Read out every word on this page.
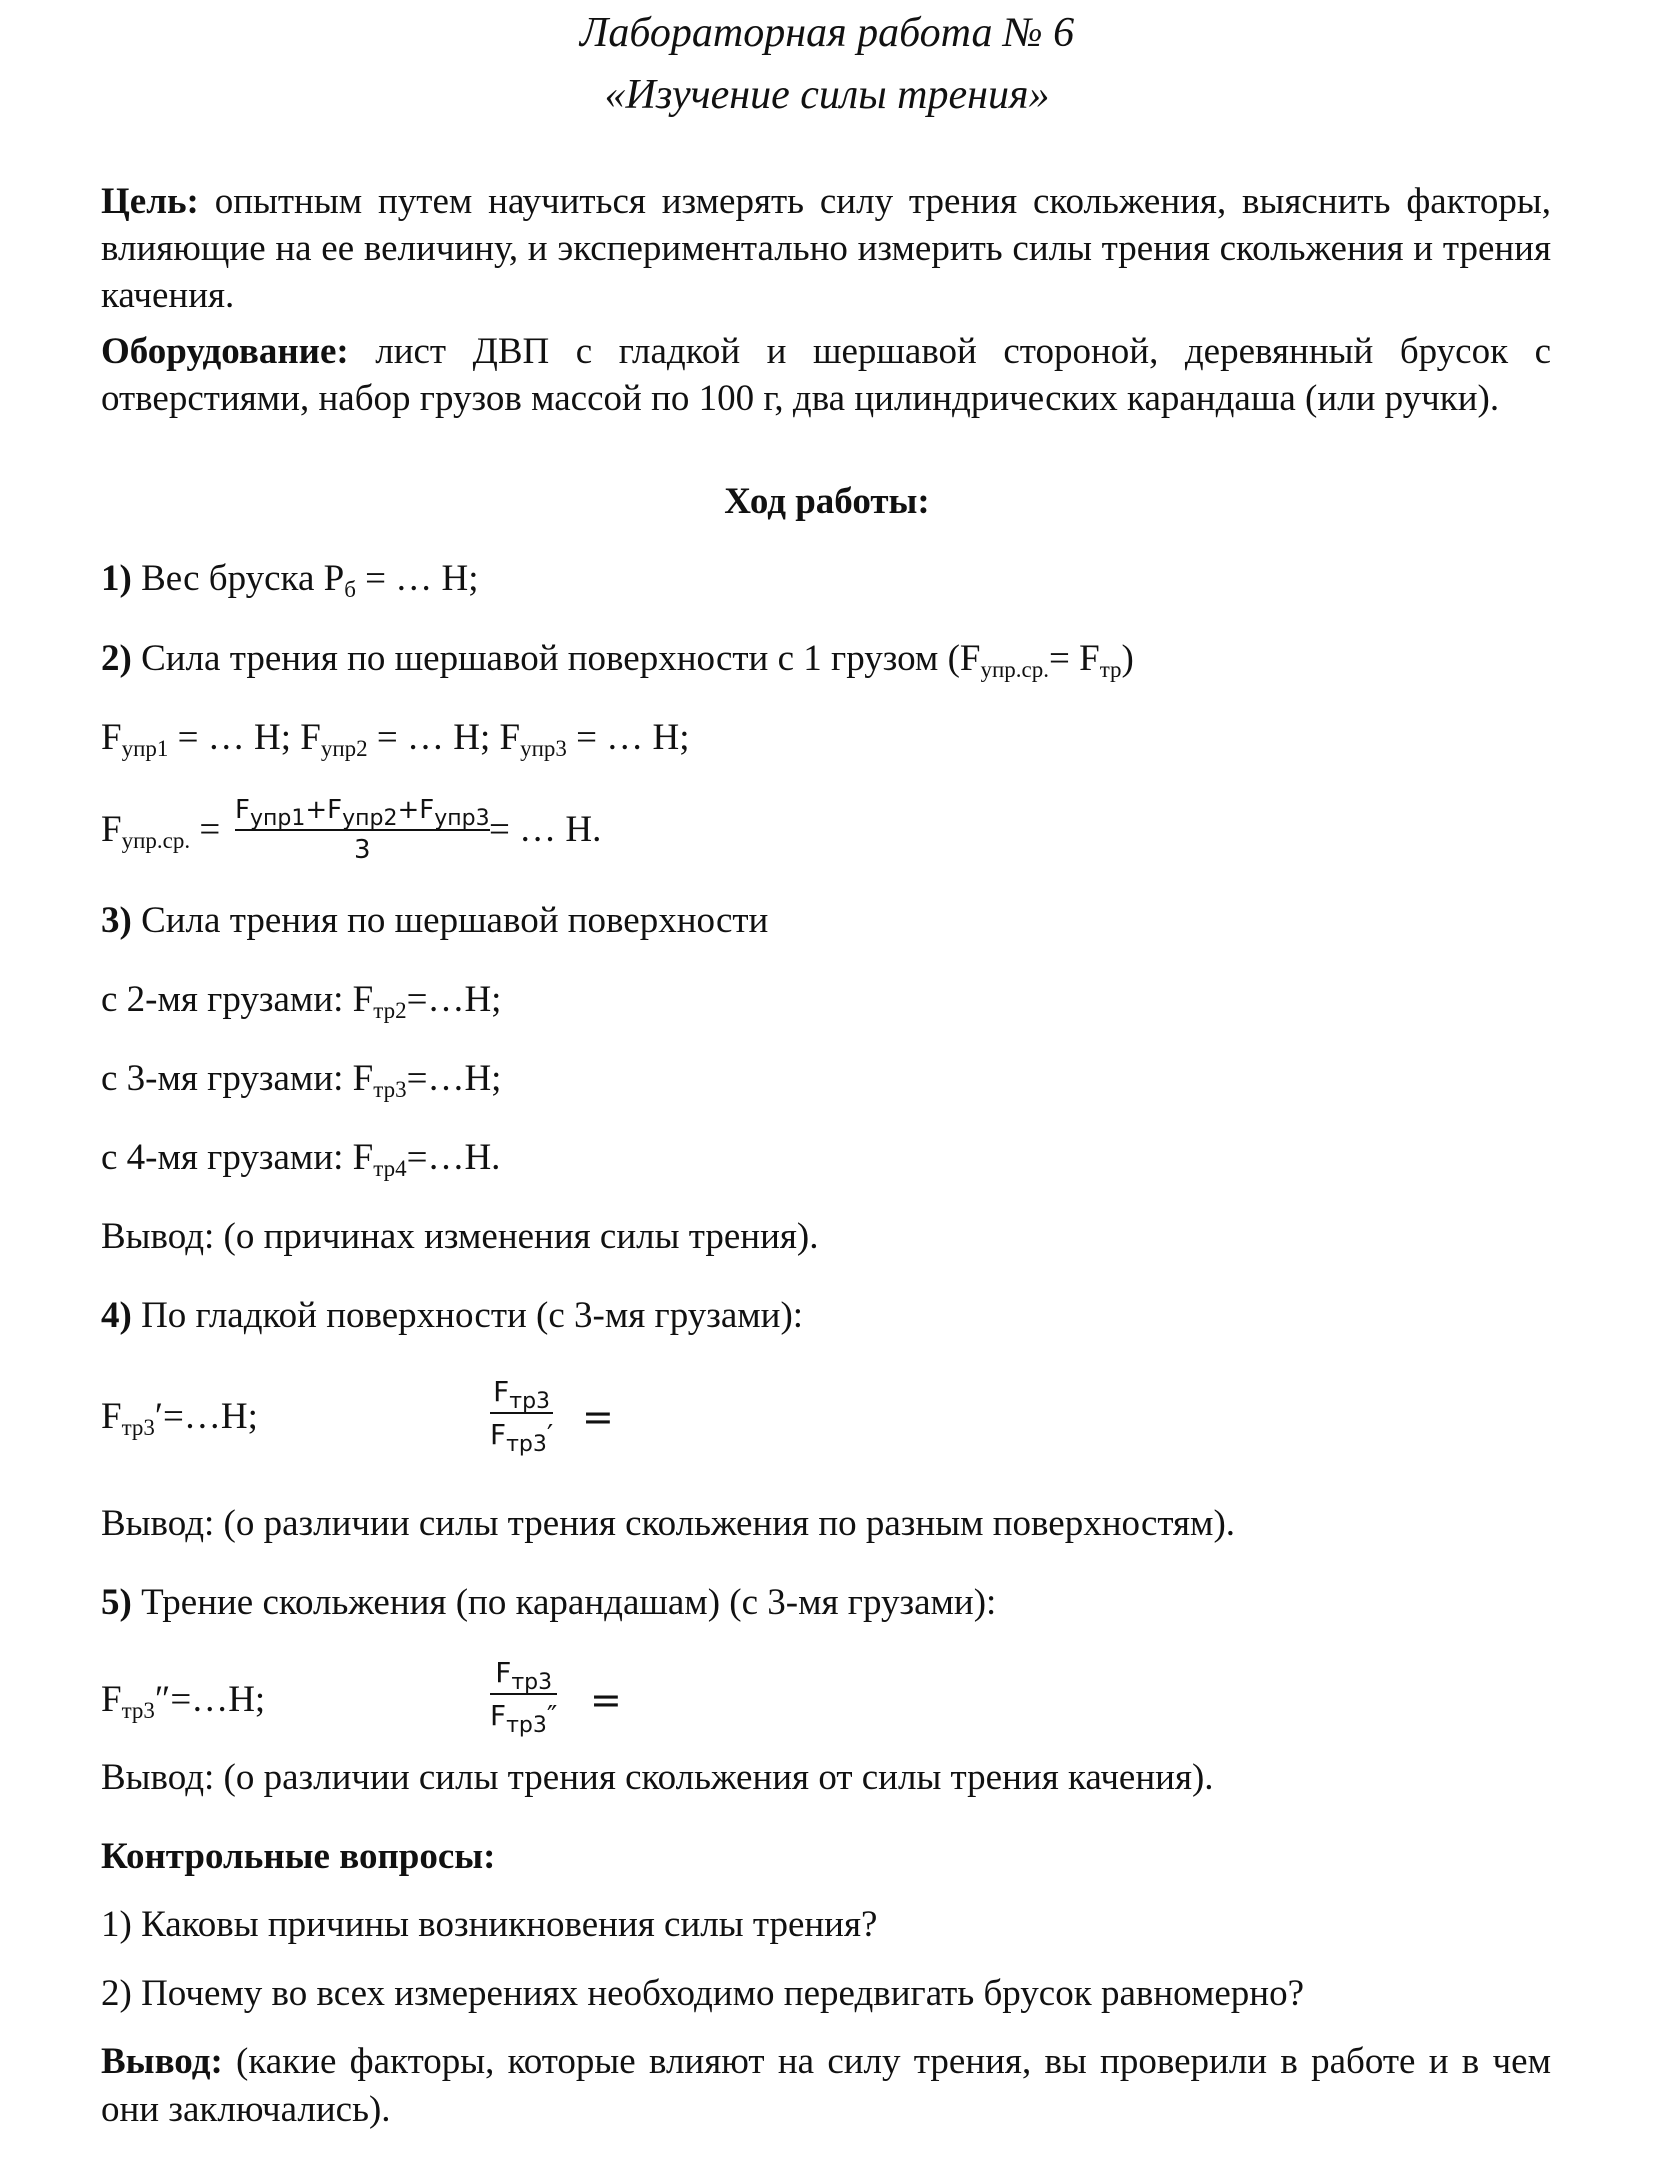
Лабораторная работа № 6
«Изучение силы трения»
Цель: опытным путем научиться измерять силу трения скольжения, выяснить факторы, влияющие на ее величину, и экспериментально измерить силы трения скольжения и трения качения.
Оборудование: лист ДВП с гладкой и шершавой стороной, деревянный брусок с отверстиями, набор грузов массой по 100 г, два цилиндрических карандаша (или ручки).
Ход работы:
1) Вес бруска $P_б$ = … Н;
2) Сила трения по шершавой поверхности с 1 грузом $(F_{упр.ср.}= F_{тр})$
$F_{упр1}$ = … Н; $F_{упр2}$ = … Н; $F_{упр3}$ = … Н;
$F_{упр.ср.} = F_{упр1}+F_{упр2}+F_{упр3}$
3	= … Н.
3) Сила трения по шершавой поверхности
с 2-мя грузами: $F_{тр2}=\dots Н$;
с 3-мя грузами: $F_{тр3}=\dots Н$;
с 4-мя грузами: $F_{тр4}=\dots Н$.
Вывод: (о причинах изменения силы трения).
4) По гладкой поверхности (с 3-мя грузами):
$F_{тр3}'=\dots Н$;
$F_{тр3}$
$F_{тр3}'$ =
Вывод: (о различии силы трения скольжения по разным поверхностям).
5) Трение скольжения (по карандашам) (с 3-мя грузами):
$F_{тр3}''=\dots Н$;
$F_{тр3}$
$F_{тр3}''$ =
Вывод: (о различии силы трения скольжения от силы трения качения).
Контрольные вопросы:
1) Каковы причины возникновения силы трения?
2) Почему во всех измерениях необходимо передвигать брусок равномерно?
Вывод: (какие факторы, которые влияют на силу трения, вы проверили в работе и в чем они заключались).
